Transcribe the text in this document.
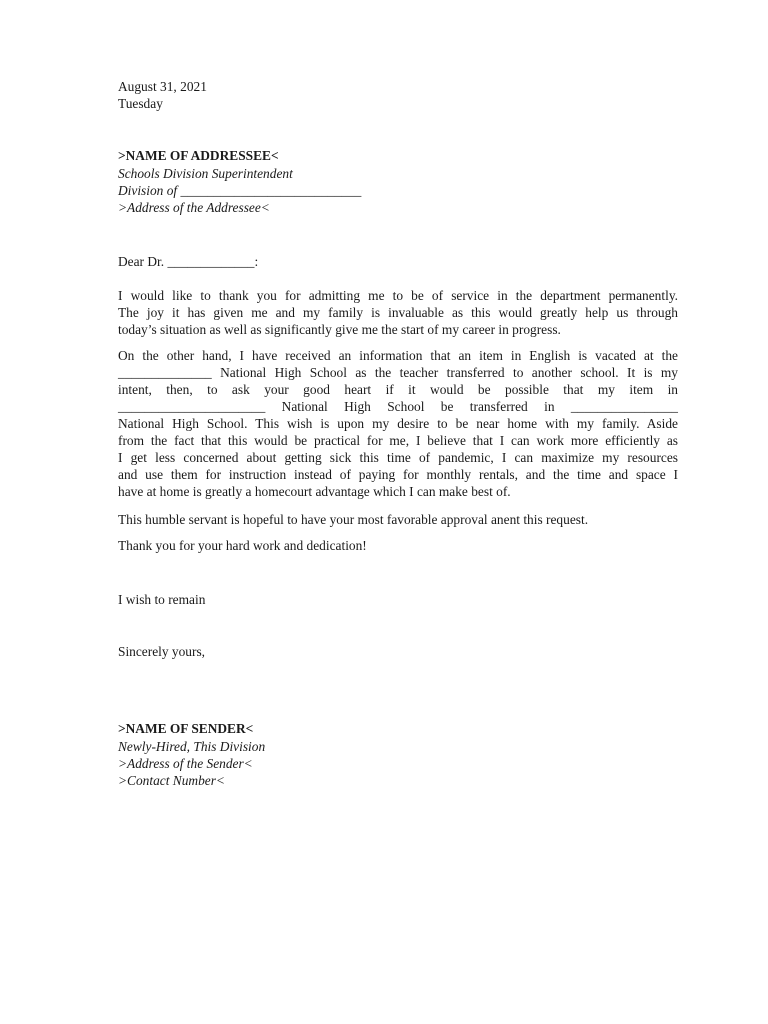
August 31, 2021
Tuesday
>NAME OF ADDRESSEE<
Schools Division Superintendent
Division of ___________________________
>Address of the Addressee<
Dear Dr. _____________:
I would like to thank you for admitting me to be of service in the department permanently.
The joy it has given me and my family is invaluable as this would greatly help us through
today’s situation as well as significantly give me the start of my career in progress.
On the other hand, I have received an information that an item in English is vacated at the
______________ National High School as the teacher transferred to another school. It is my
intent, then, to ask your good heart if it would be possible that my item in
______________________ National High School be transferred in ________________
National High School. This wish is upon my desire to be near home with my family. Aside
from the fact that this would be practical for me, I believe that I can work more efficiently as
I get less concerned about getting sick this time of pandemic, I can maximize my resources
and use them for instruction instead of paying for monthly rentals, and the time and space I
have at home is greatly a homecourt advantage which I can make best of.
This humble servant is hopeful to have your most favorable approval anent this request.
Thank you for your hard work and dedication!
I wish to remain
Sincerely yours,
>NAME OF SENDER<
Newly-Hired, This Division
>Address of the Sender<
>Contact Number<
